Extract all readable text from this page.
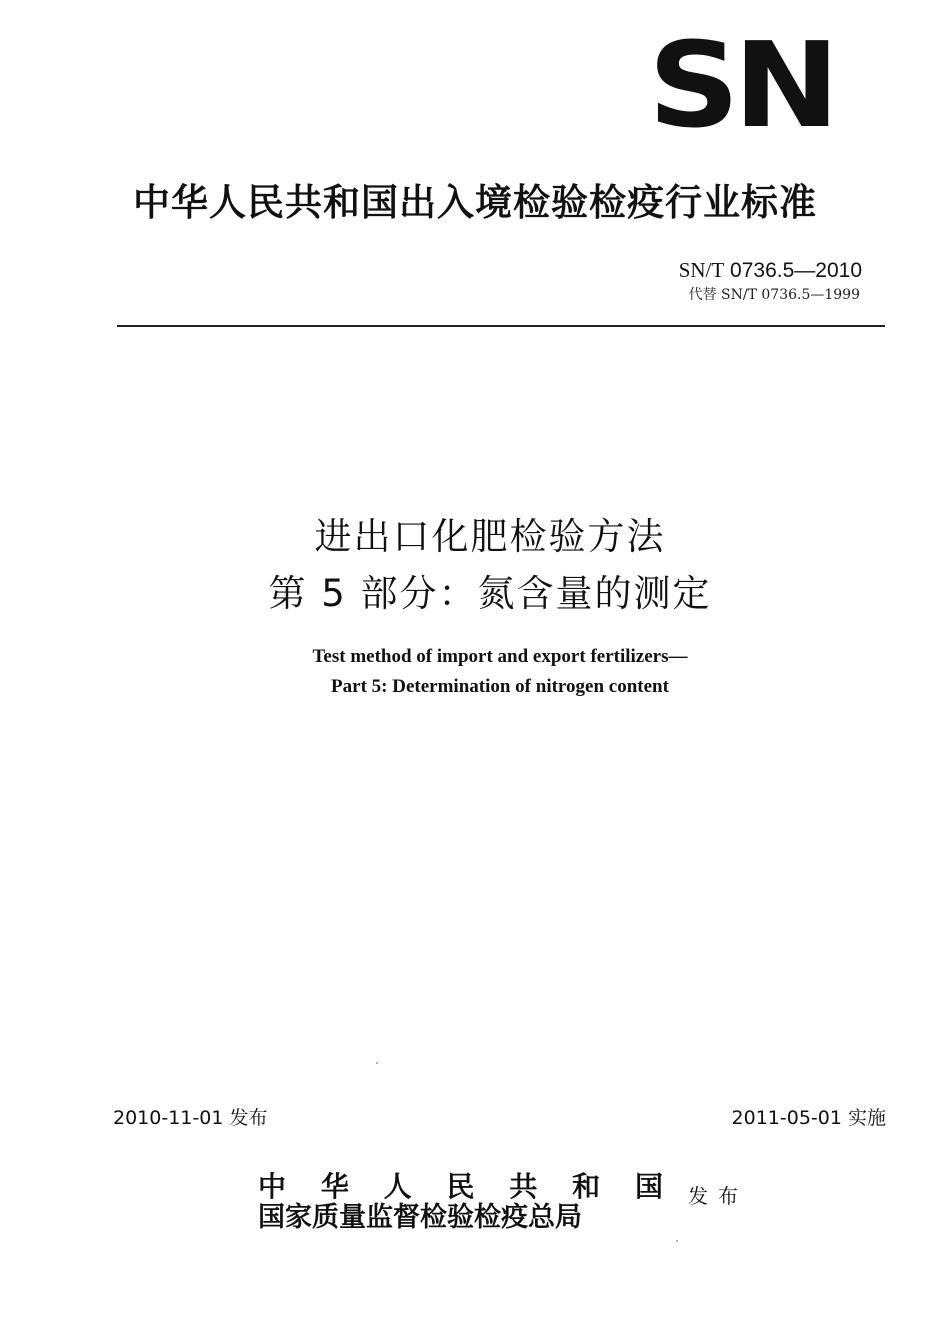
SN
中华人民共和国出入境检验检疫行业标准
SN/T 0736.5—2010
代替 SN/T 0736.5—1999
进出口化肥检验方法
第 5 部分：氮含量的测定
Test method of import and export fertilizers—
Part 5: Determination of nitrogen content
2010-11-01 发布	2011-05-01 实施
中 华 人 民 共 和 国
国家质量监督检验检疫总局
发布
